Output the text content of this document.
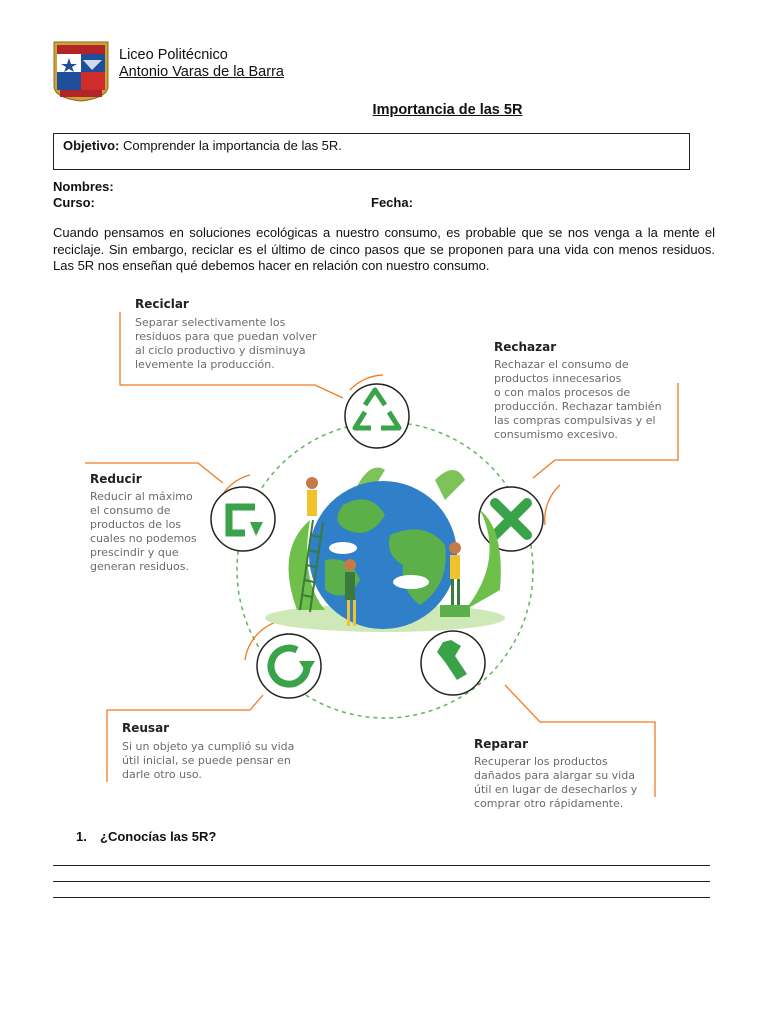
Liceo Politécnico
Antonio Varas de la Barra
Importancia de las 5R
Objetivo: Comprender la importancia de las 5R.
Nombres:
Curso:	Fecha:
Cuando pensamos en soluciones ecológicas a nuestro consumo, es probable que se nos venga a la mente el reciclaje. Sin embargo, reciclar es el último de cinco pasos que se proponen para una vida con menos residuos. Las 5R nos enseñan qué debemos hacer en relación con nuestro consumo.
Reciclar
Separar selectivamente los
residuos para que puedan volver
al ciclo productivo y disminuya
levemente la producción.
Rechazar
Rechazar el consumo de
productos innecesarios
o con malos procesos de
producción. Rechazar también
las compras compulsivas y el
consumismo excesivo.
Reducir
Reducir al máximo
el consumo de
productos de los
cuales no podemos
prescindir y que
generan residuos.
Reusar
Si un objeto ya cumplió su vida
útil inicial, se puede pensar en
darle otro uso.
Reparar
Recuperar los productos
dañados para alargar su vida
útil en lugar de desecharlos y
comprar otro rápidamente.
1. ¿Conocías las 5R?
